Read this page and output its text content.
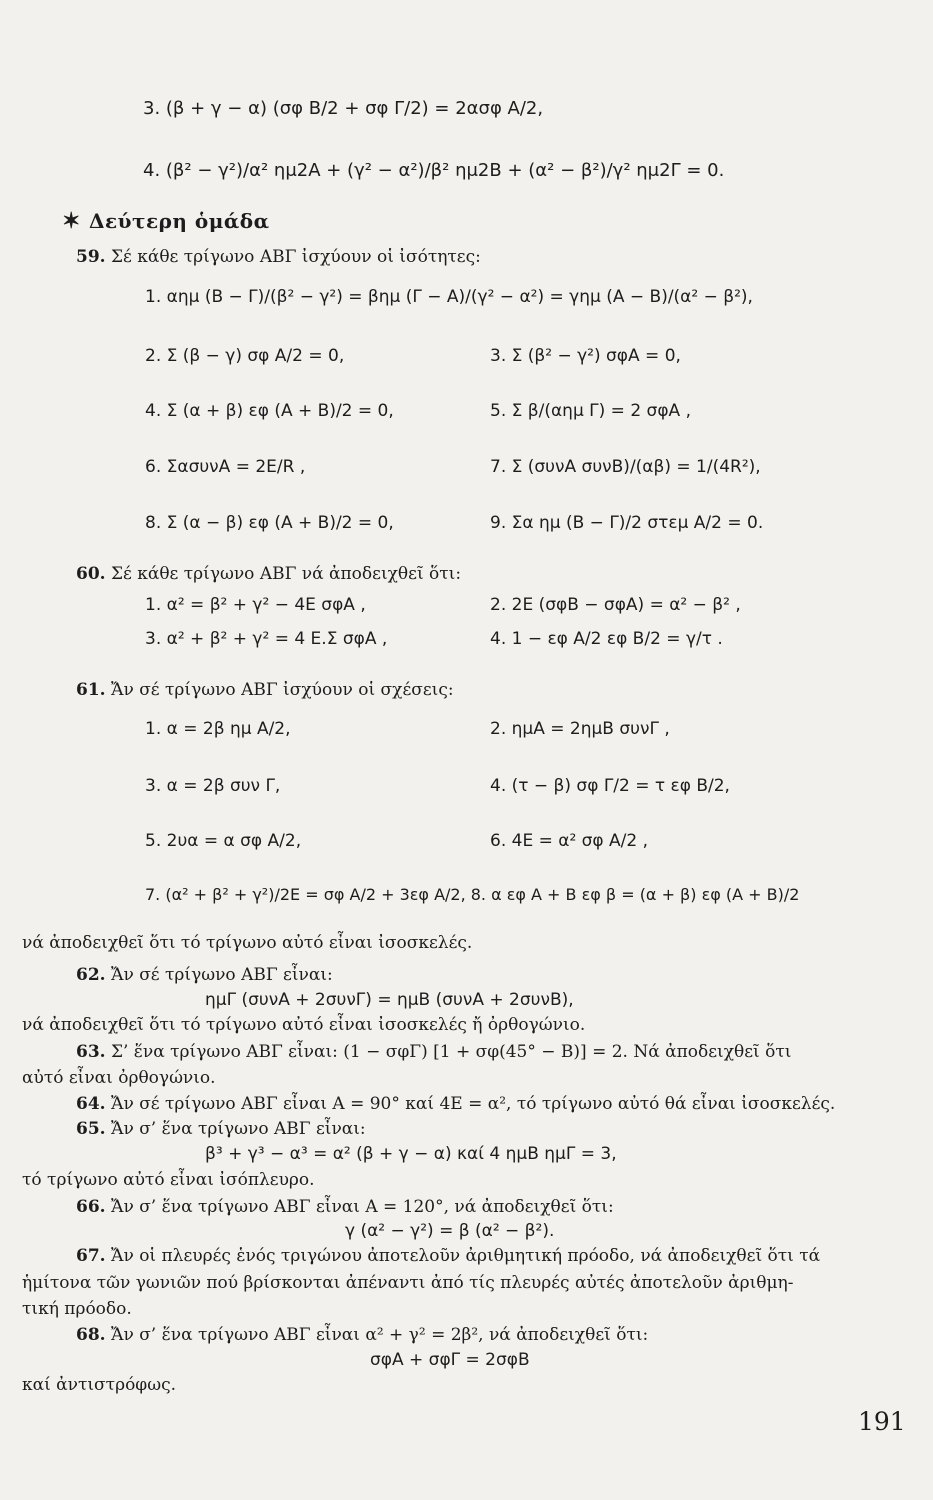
3. (β + γ − α) (σφ B/2 + σφ Γ/2) = 2ασφ A/2,
4. (β² − γ²)/α² ημ2A + (γ² − α²)/β² ημ2B + (α² − β²)/γ² ημ2Γ = 0.
✶ Δεύτερη ὁμάδα
59. Σέ κάθε τρίγωνο ΑΒΓ ἰσχύουν οἱ ἰσότητες:
1. αημ (B − Γ)/(β² − γ²) = βημ (Γ − A)/(γ² − α²) = γημ (A − B)/(α² − β²),
2. Σ (β − γ) σφ A/2 = 0,	3. Σ (β² − γ²) σφA = 0,
4. Σ (α + β) εφ (A + B)/2 = 0,	5. Σ β/(αημ Γ) = 2 σφA ,
6. ΣασυνA = 2E/R ,	7. Σ (συνA συνB)/(αβ) = 1/(4R²),
8. Σ (α − β) εφ (A + B)/2 = 0,	9. Σα ημ (B − Γ)/2 στεμ A/2 = 0.
60. Σέ κάθε τρίγωνο ΑΒΓ νά ἀποδειχθεῖ ὅτι:
1. α² = β² + γ² − 4E σφA ,	2. 2E (σφB − σφA) = α² − β² ,
3. α² + β² + γ² = 4 E.Σ σφA ,	4. 1 − εφ A/2 εφ B/2 = γ/τ .
61. Ἄν σέ τρίγωνο ΑΒΓ ἰσχύουν οἱ σχέσεις:
1. α = 2β ημ A/2,	2. ημA = 2ημB συνΓ ,
3. α = 2β συν Γ,	4. (τ − β) σφ Γ/2 = τ εφ B/2,
5. 2υα = α σφ A/2,	6. 4E = α² σφ A/2 ,
7. (α² + β² + γ²)/2E = σφ A/2 + 3εφ A/2, 8. α εφ A + B εφ β = (α + β) εφ (A + B)/2
νά ἀποδειχθεῖ ὅτι τό τρίγωνο αὐτό εἶναι ἰσοσκελές.
62. Ἄν σέ τρίγωνο ΑΒΓ εἶναι:
ημΓ (συνA + 2συνΓ) = ημB (συνA + 2συνB),
νά ἀποδειχθεῖ ὅτι τό τρίγωνο αὐτό εἶναι ἰσοσκελές ἤ ὀρθογώνιο.
63. Σ’ ἕνα τρίγωνο ΑΒΓ εἶναι: (1 − σφΓ) [1 + σφ(45° − B)] = 2. Νά ἀποδειχθεῖ ὅτι
αὐτό εἶναι ὀρθογώνιο.
64. Ἄν σέ τρίγωνο ΑΒΓ εἶναι A = 90° καί 4E = α², τό τρίγωνο αὐτό θά εἶναι ἰσοσκελές.
65. Ἄν σ’ ἕνα τρίγωνο ΑΒΓ εἶναι:
β³ + γ³ − α³ = α² (β + γ − α) καί 4 ημB ημΓ = 3,
τό τρίγωνο αὐτό εἶναι ἰσόπλευρο.
66. Ἄν σ’ ἕνα τρίγωνο ΑΒΓ εἶναι A = 120°, νά ἀποδειχθεῖ ὅτι:
γ (α² − γ²) = β (α² − β²).
67. Ἄν οἱ πλευρές ἑνός τριγώνου ἀποτελοῦν ἀριθμητική πρόοδο, νά ἀποδειχθεῖ ὅτι τά
ἡμίτονα τῶν γωνιῶν πού βρίσκονται ἀπέναντι ἀπό τίς πλευρές αὐτές ἀποτελοῦν ἀριθμη-
τική πρόοδο.
68. Ἄν σ’ ἕνα τρίγωνο ΑΒΓ εἶναι α² + γ² = 2β², νά ἀποδειχθεῖ ὅτι:
σφA + σφΓ = 2σφB
καί ἀντιστρόφως.
191
